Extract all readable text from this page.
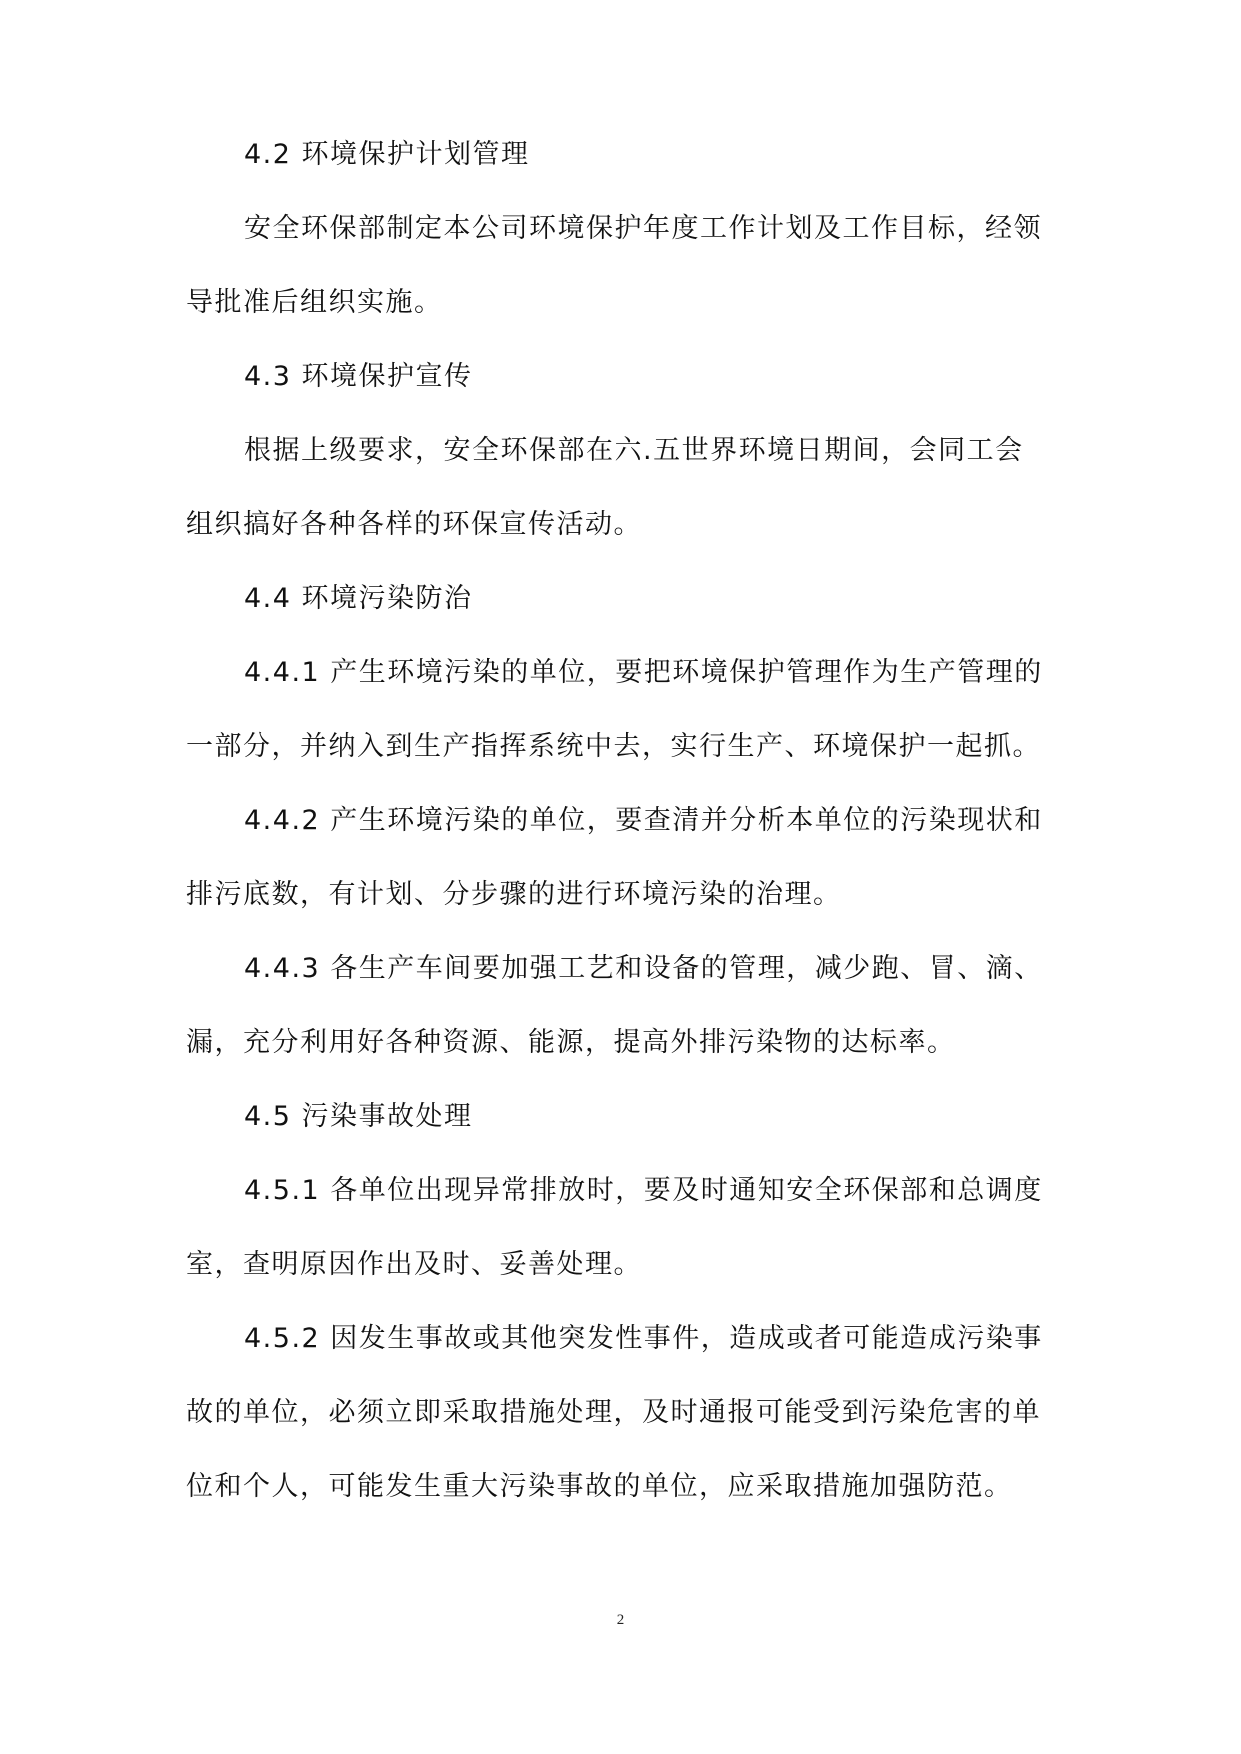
4.2 环境保护计划管理
安全环保部制定本公司环境保护年度工作计划及工作目标，经领
导批准后组织实施。
4.3 环境保护宣传
根据上级要求，安全环保部在六.五世界环境日期间，会同工会
组织搞好各种各样的环保宣传活动。
4.4 环境污染防治
4.4.1 产生环境污染的单位，要把环境保护管理作为生产管理的
一部分，并纳入到生产指挥系统中去，实行生产、环境保护一起抓。
4.4.2 产生环境污染的单位，要查清并分析本单位的污染现状和
排污底数，有计划、分步骤的进行环境污染的治理。
4.4.3 各生产车间要加强工艺和设备的管理，减少跑、冒、滴、
漏，充分利用好各种资源、能源，提高外排污染物的达标率。
4.5 污染事故处理
4.5.1 各单位出现异常排放时，要及时通知安全环保部和总调度
室，查明原因作出及时、妥善处理。
4.5.2 因发生事故或其他突发性事件，造成或者可能造成污染事
故的单位，必须立即采取措施处理，及时通报可能受到污染危害的单
位和个人，可能发生重大污染事故的单位，应采取措施加强防范。
2
